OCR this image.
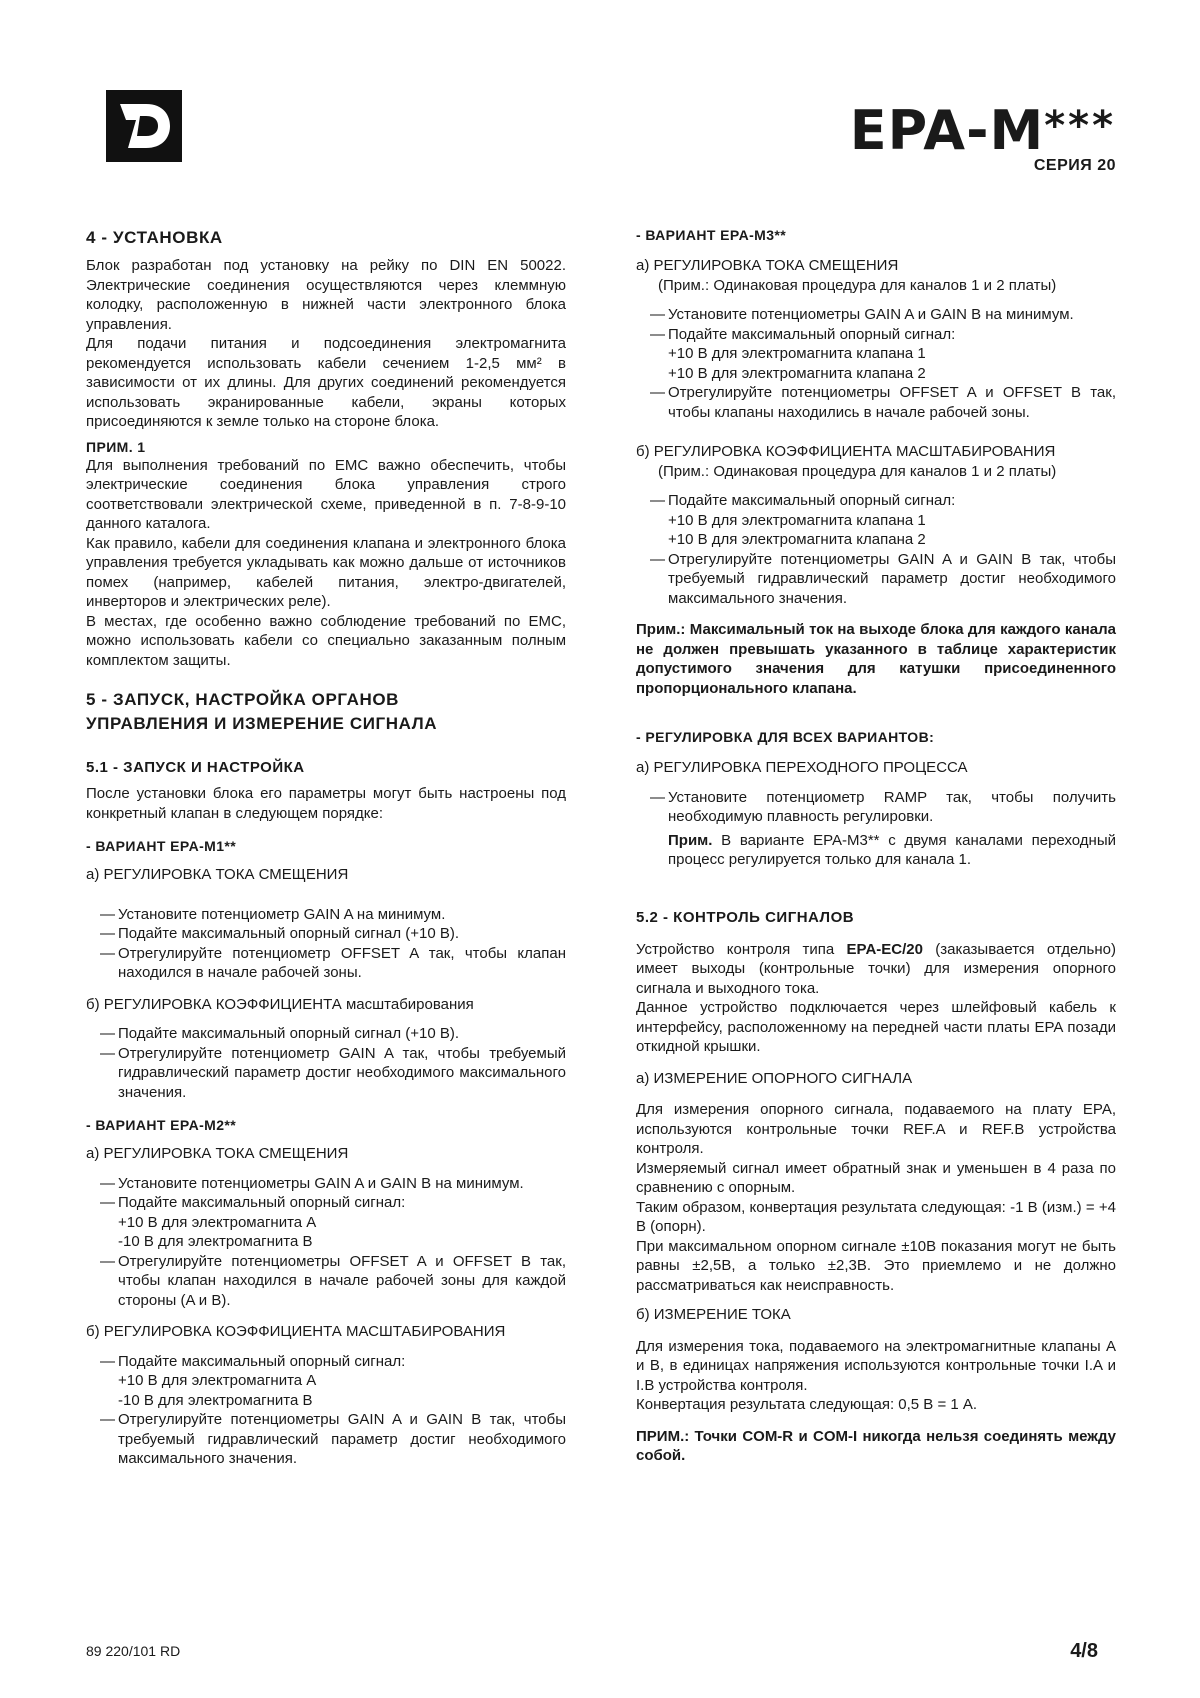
EPA-M***
СЕРИЯ 20

4 - УСТАНОВКА

Блок разработан под установку на рейку по DIN EN 50022. Электрические соединения осуществляются через клеммную колодку, расположенную в нижней части электронного блока управления.

Для подачи питания и подсоединения электромагнита рекомендуется использовать кабели сечением 1-2,5 мм² в зависимости от их длины. Для других соединений рекомендуется использовать экранированные кабели, экраны которых присоединяются к земле только на стороне блока.

ПРИМ. 1

Для выполнения требований по ЕМС важно обеспечить, чтобы электрические соединения блока управления строго соответствовали электрической схеме, приведенной в п. 7-8-9-10 данного каталога.

Как правило, кабели для соединения клапана и электронного блока управления требуется укладывать как можно дальше от источников помех (например, кабелей питания, электро-двигателей, инверторов и электрических реле).

В местах, где особенно важно соблюдение требований по ЕМС, можно использовать кабели со специально заказанным полным комплектом защиты.

5 - ЗАПУСК, НАСТРОЙКА ОРГАНОВ

УПРАВЛЕНИЯ И ИЗМЕРЕНИЕ СИГНАЛА

5.1 - ЗАПУСК И НАСТРОЙКА

После установки блока его параметры могут быть настроены под конкретный клапан в следующем порядке:

- ВАРИАНТ EPA-M1**

а) РЕГУЛИРОВКА ТОКА СМЕЩЕНИЯ

— Установите потенциометр GAIN A на минимум.

— Подайте максимальный опорный сигнал (+10 В).

— Отрегулируйте потенциометр OFFSET A так, чтобы клапан находился в начале рабочей зоны.

б) РЕГУЛИРОВКА КОЭФФИЦИЕНТА масштабирования

— Подайте максимальный опорный сигнал (+10 В).

— Отрегулируйте потенциометр GAIN A так, чтобы требуемый гидравлический параметр достиг необходимого максимального значения.

- ВАРИАНТ EPA-M2**

а) РЕГУЛИРОВКА ТОКА СМЕЩЕНИЯ

— Установите потенциометры GAIN A и GAIN B на минимум.

— Подайте максимальный опорный сигнал:

+10 В для электромагнита A

-10 В для электромагнита B

— Отрегулируйте потенциометры OFFSET A и OFFSET B так, чтобы клапан находился в начале рабочей зоны для каждой стороны (A и B).

б) РЕГУЛИРОВКА КОЭФФИЦИЕНТА МАСШТАБИРОВАНИЯ

— Подайте максимальный опорный сигнал:

+10 В для электромагнита A

-10 В для электромагнита B

— Отрегулируйте потенциометры GAIN A и GAIN B так, чтобы требуемый гидравлический параметр достиг необходимого максимального значения.

- ВАРИАНТ EPA-M3**

а) РЕГУЛИРОВКА ТОКА СМЕЩЕНИЯ

(Прим.: Одинаковая процедура для каналов 1 и 2 платы)

— Установите потенциометры GAIN A и GAIN B на минимум.

— Подайте максимальный опорный сигнал:

+10 В для электромагнита клапана 1

+10 В для электромагнита клапана 2

— Отрегулируйте потенциометры OFFSET A и OFFSET B так, чтобы клапаны находились в начале рабочей зоны.

б) РЕГУЛИРОВКА КОЭФФИЦИЕНТА МАСШТАБИРОВАНИЯ

(Прим.: Одинаковая процедура для каналов 1 и 2 платы)

— Подайте максимальный опорный сигнал:

+10 В для электромагнита клапана 1

+10 В для электромагнита клапана 2

— Отрегулируйте потенциометры GAIN A и GAIN B так, чтобы требуемый гидравлический параметр достиг необходимого максимального значения.

Прим.: Максимальный ток на выходе блока для каждого канала не должен превышать указанного в таблице характеристик допустимого значения для катушки присоединенного пропорционального клапана.

- РЕГУЛИРОВКА ДЛЯ ВСЕХ ВАРИАНТОВ:

а) РЕГУЛИРОВКА ПЕРЕХОДНОГО ПРОЦЕССА

— Установите потенциометр RAMP так, чтобы получить необходимую плавность регулировки.

Прим. В варианте EPA-M3** с двумя каналами переходный процесс регулируется только для канала 1.

5.2 - КОНТРОЛЬ СИГНАЛОВ

Устройство контроля типа EPA-EC/20 (заказывается отдельно) имеет выходы (контрольные точки) для измерения опорного сигнала и выходного тока.

Данное устройство подключается через шлейфовый кабель к интерфейсу, расположенному на передней части платы EPA позади откидной крышки.

а) ИЗМЕРЕНИЕ ОПОРНОГО СИГНАЛА

Для измерения опорного сигнала, подаваемого на плату EPA, используются контрольные точки REF.A и REF.B устройства контроля.

Измеряемый сигнал имеет обратный знак и уменьшен в 4 раза по сравнению с опорным.

Таким образом, конвертация результата следующая: -1 В (изм.) = +4 В (опорн).

При максимальном опорном сигнале ±10В показания могут не быть равны ±2,5В, а только ±2,3В. Это приемлемо и не должно рассматриваться как неисправность.

б) ИЗМЕРЕНИЕ ТОКА

Для измерения тока, подаваемого на электромагнитные клапаны A и B, в единицах напряжения используются контрольные точки I.A и I.B устройства контроля.

Конвертация результата следующая: 0,5 В = 1 А.

ПРИМ.: Точки COM-R и COM-I никогда нельзя соединять между собой.

89 220/101 RD	4/8
